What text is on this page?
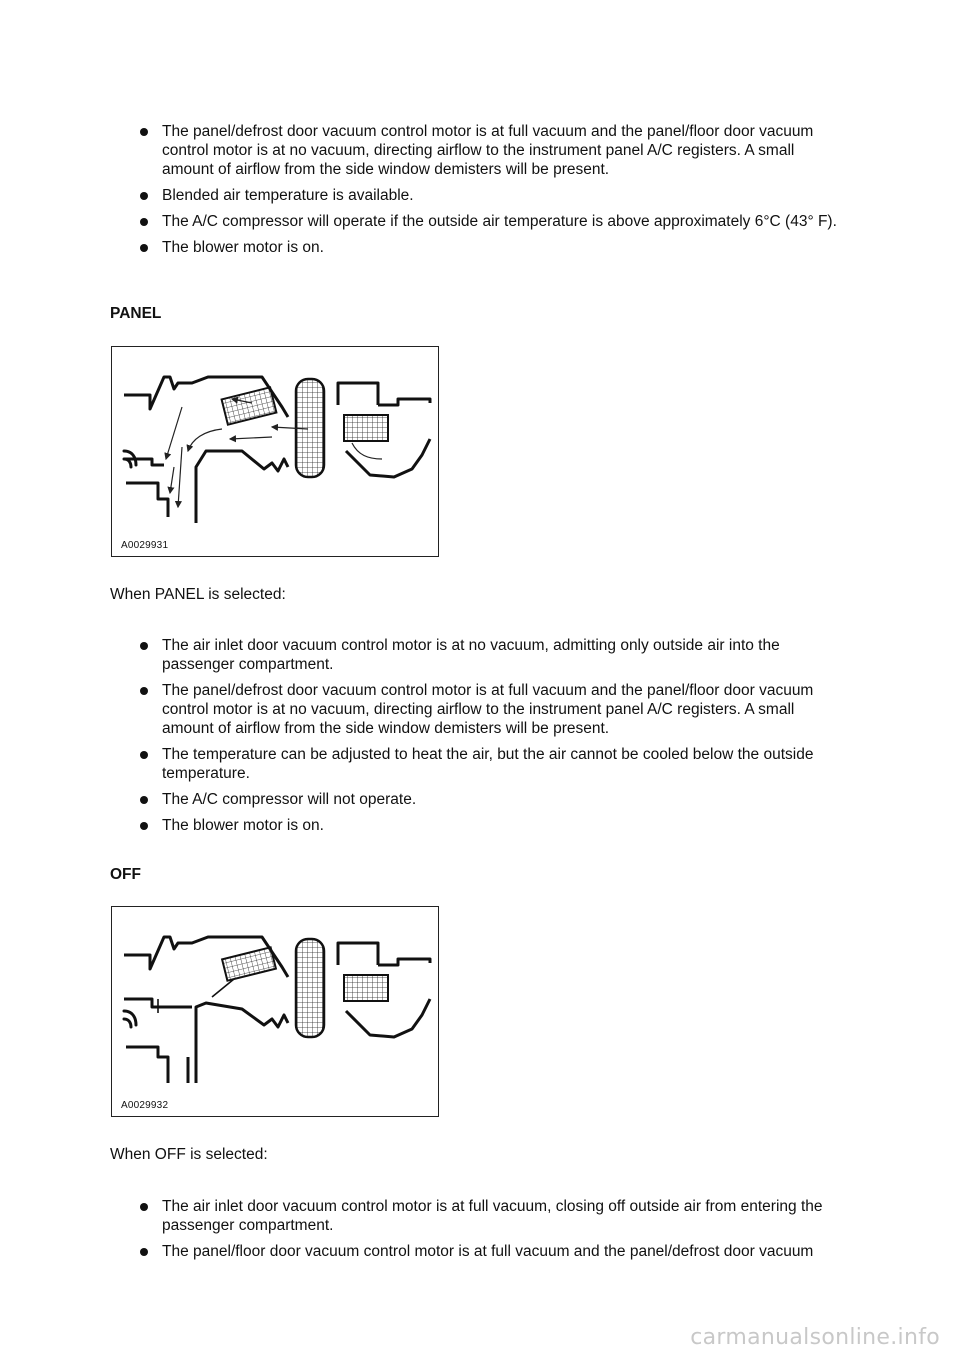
The panel/defrost door vacuum control motor is at full vacuum and the panel/floor door vacuum control motor is at no vacuum, directing airflow to the instrument panel A/C registers. A small amount of airflow from the side window demisters will be present.
Blended air temperature is available.
The A/C compressor will operate if the outside air temperature is above approximately 6°C (43° F).
The blower motor is on.
PANEL
A0029931

When PANEL is selected:

The air inlet door vacuum control motor is at no vacuum, admitting only outside air into the passenger compartment.
The panel/defrost door vacuum control motor is at full vacuum and the panel/floor door vacuum control motor is at no vacuum, directing airflow to the instrument panel A/C registers. A small amount of airflow from the side window demisters will be present.
The temperature can be adjusted to heat the air, but the air cannot be cooled below the outside temperature.
The A/C compressor will not operate.
The blower motor is on.
OFF
A0029932

When OFF is selected:

The air inlet door vacuum control motor is at full vacuum, closing off outside air from entering the passenger compartment.
The panel/floor door vacuum control motor is at full vacuum and the panel/defrost door vacuum
carmanualsonline.info
